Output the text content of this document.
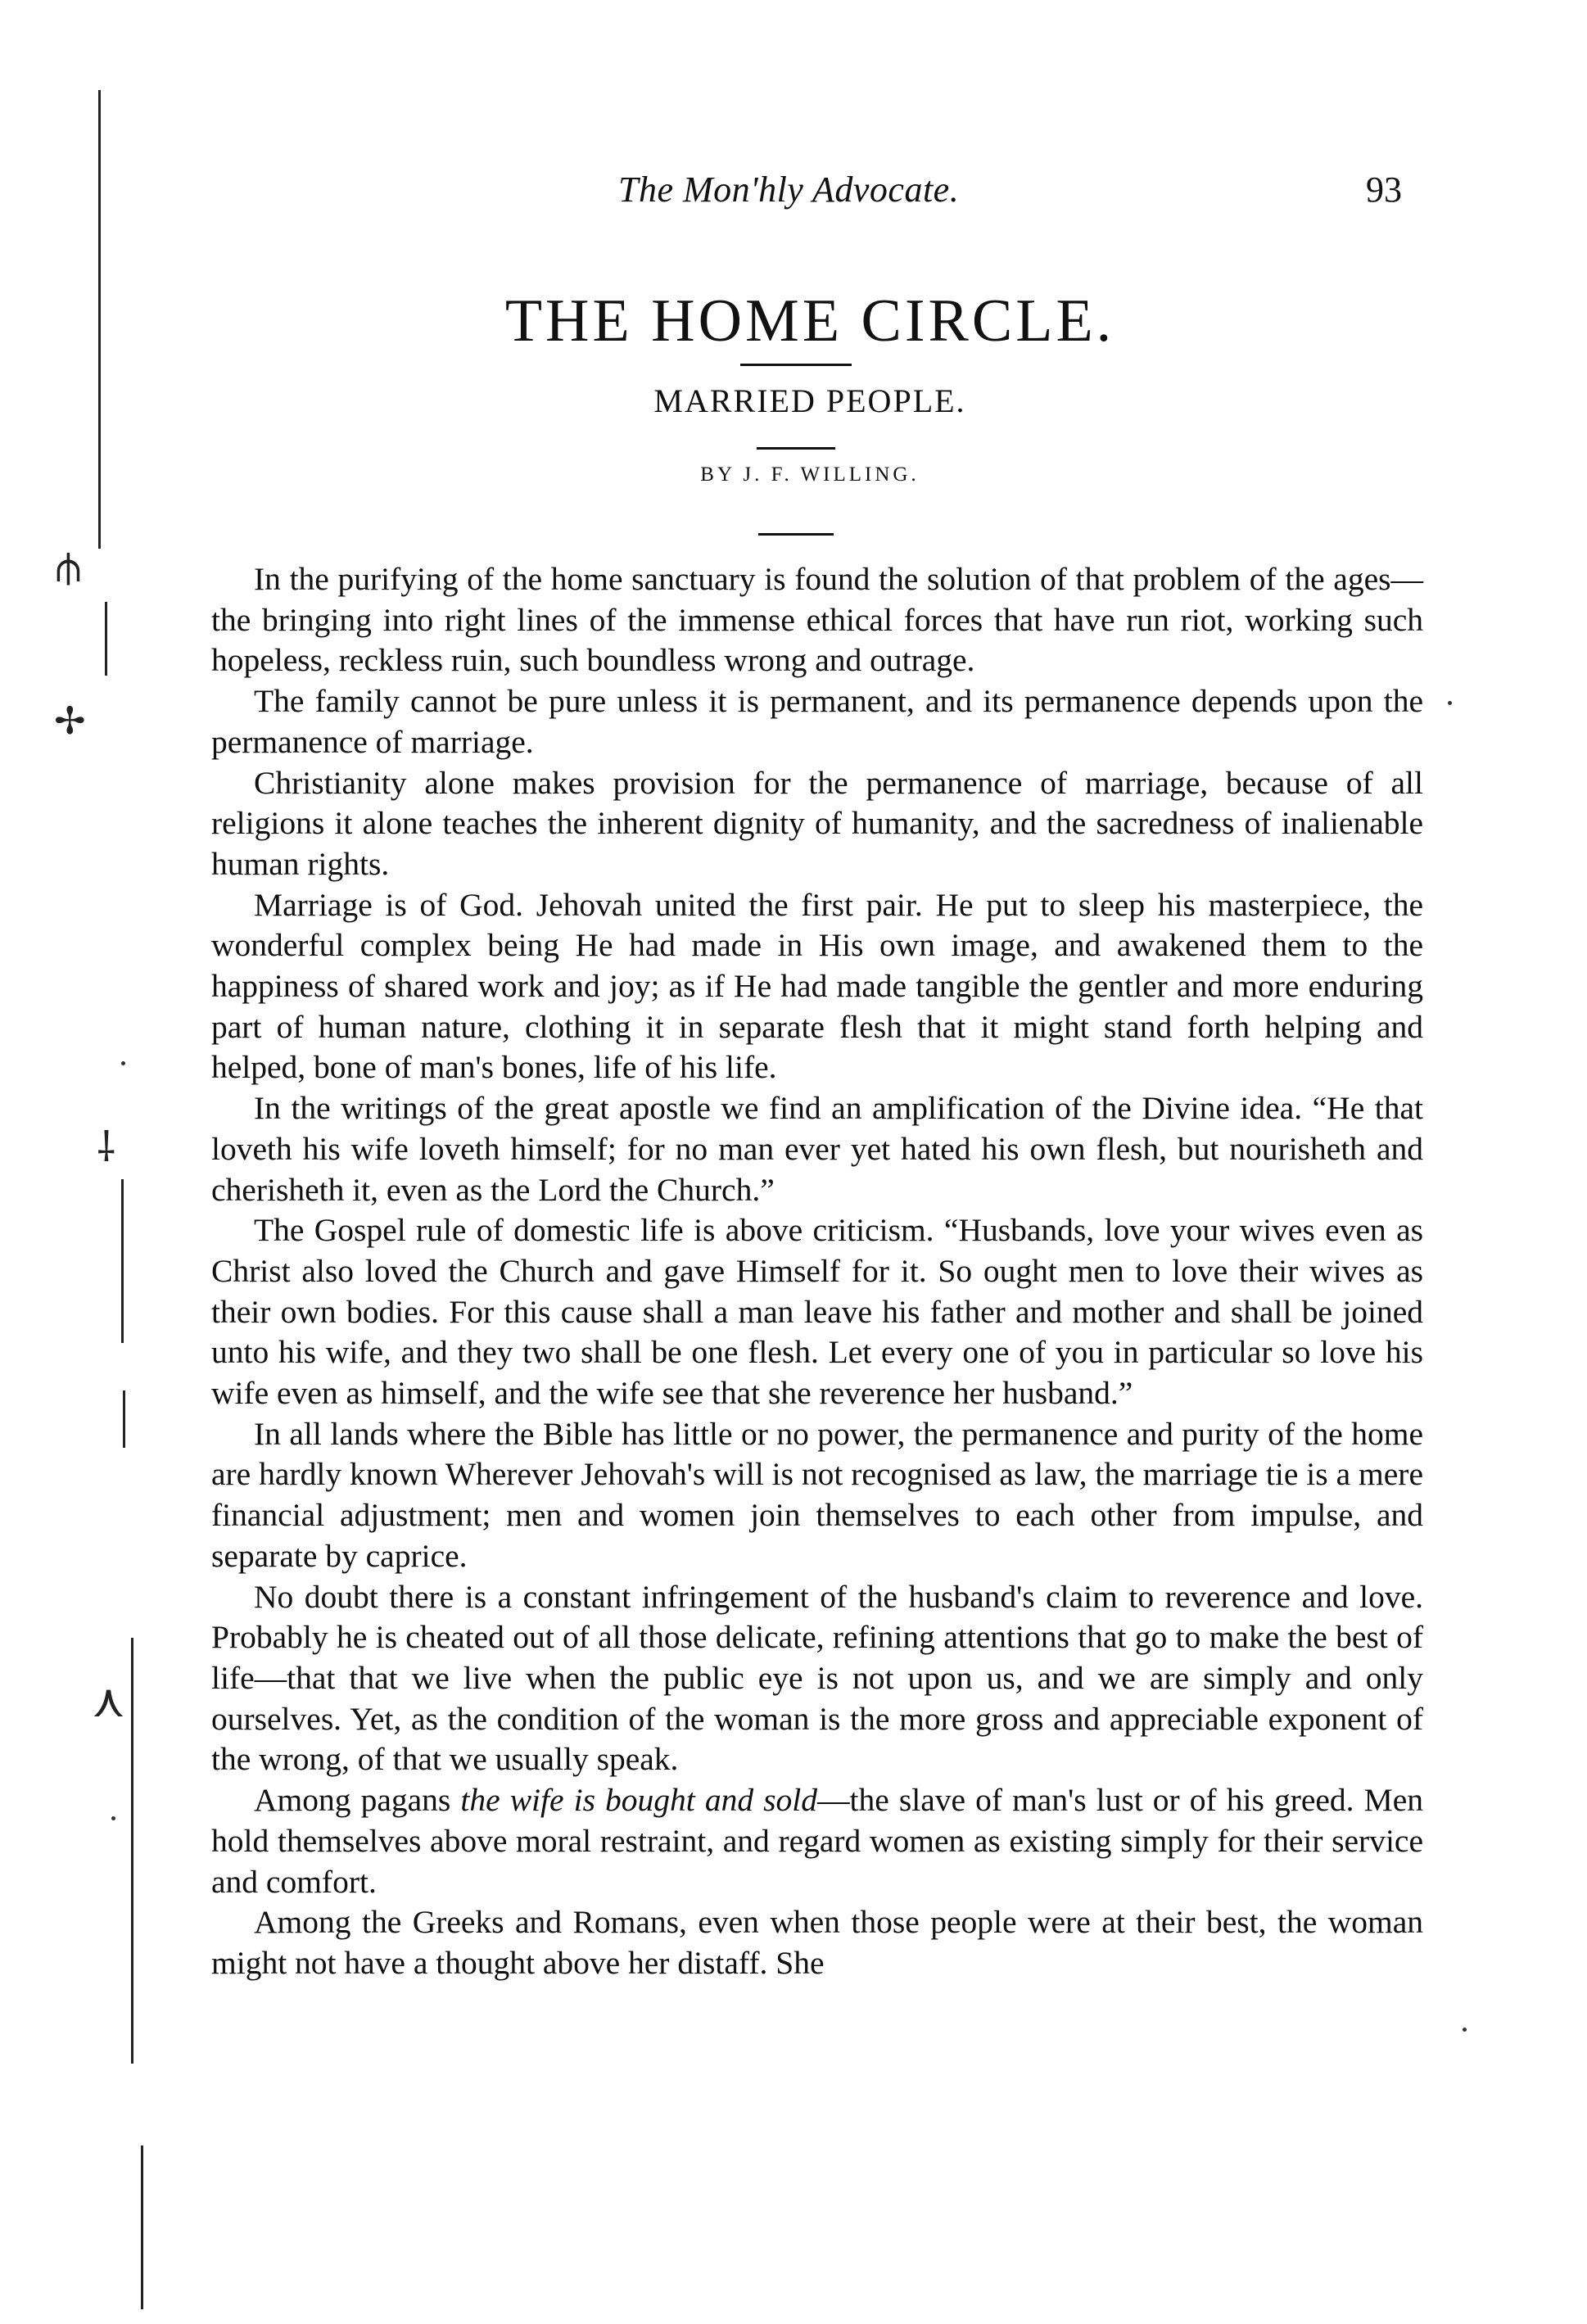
The Mon'hly Advocate.	93
THE HOME CIRCLE.
MARRIED PEOPLE.
BY J. F. WILLING.

In the purifying of the home sanctuary is found the solution of that problem of the ages—the bringing into right lines of the immense ethical forces that have run riot, working such hopeless, reckless ruin, such boundless wrong and outrage.

The family cannot be pure unless it is permanent, and its permanence depends upon the permanence of marriage.

Christianity alone makes provision for the permanence of marriage, because of all religions it alone teaches the inherent dignity of humanity, and the sacredness of inalienable human rights.

Marriage is of God. Jehovah united the first pair. He put to sleep his masterpiece, the wonderful complex being He had made in His own image, and awakened them to the happiness of shared work and joy; as if He had made tangible the gentler and more enduring part of human nature, clothing it in separate flesh that it might stand forth helping and helped, bone of man's bones, life of his life.

In the writings of the great apostle we find an amplification of the Divine idea. “He that loveth his wife loveth himself; for no man ever yet hated his own flesh, but nourisheth and cherisheth it, even as the Lord the Church.”

The Gospel rule of domestic life is above criticism. “Husbands, love your wives even as Christ also loved the Church and gave Himself for it. So ought men to love their wives as their own bodies. For this cause shall a man leave his father and mother and shall be joined unto his wife, and they two shall be one flesh. Let every one of you in particular so love his wife even as himself, and the wife see that she reverence her husband.”

In all lands where the Bible has little or no power, the permanence and purity of the home are hardly known Wherever Jehovah's will is not recognised as law, the marriage tie is a mere financial adjustment; men and women join themselves to each other from impulse, and separate by caprice.

No doubt there is a constant infringement of the husband's claim to reverence and love. Probably he is cheated out of all those delicate, refining attentions that go to make the best of life—that that we live when the public eye is not upon us, and we are simply and only ourselves. Yet, as the condition of the woman is the more gross and appreciable exponent of the wrong, of that we usually speak.

Among pagans the wife is bought and sold—the slave of man's lust or of his greed. Men hold themselves above moral restraint, and regard women as existing simply for their service and comfort.

Among the Greeks and Romans, even when those people were at their best, the woman might not have a thought above her distaff. She

⫛
✢
⸸
⋏
